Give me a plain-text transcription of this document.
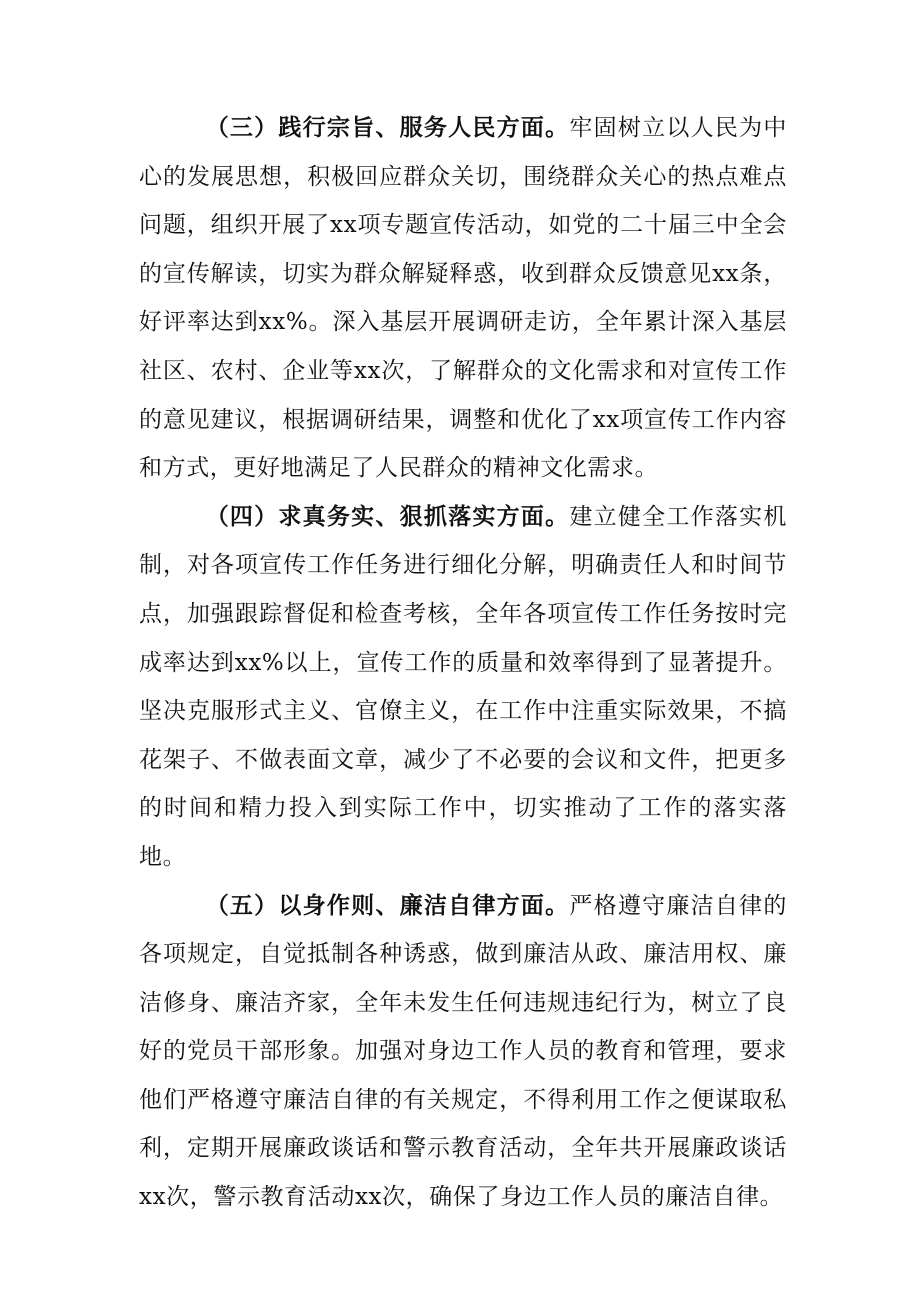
（三）践行宗旨、服务人民方面。牢固树立以人民为中心的发展思想，积极回应群众关切，围绕群众关心的热点难点问题，组织开展了xx项专题宣传活动，如党的二十届三中全会的宣传解读，切实为群众解疑释惑，收到群众反馈意见xx条，好评率达到xx%。深入基层开展调研走访，全年累计深入基层社区、农村、企业等xx次，了解群众的文化需求和对宣传工作的意见建议，根据调研结果，调整和优化了xx项宣传工作内容和方式，更好地满足了人民群众的精神文化需求。

（四）求真务实、狠抓落实方面。建立健全工作落实机制，对各项宣传工作任务进行细化分解，明确责任人和时间节点，加强跟踪督促和检查考核，全年各项宣传工作任务按时完成率达到xx%以上，宣传工作的质量和效率得到了显著提升。坚决克服形式主义、官僚主义，在工作中注重实际效果，不搞花架子、不做表面文章，减少了不必要的会议和文件，把更多的时间和精力投入到实际工作中，切实推动了工作的落实落地。

（五）以身作则、廉洁自律方面。严格遵守廉洁自律的各项规定，自觉抵制各种诱惑，做到廉洁从政、廉洁用权、廉洁修身、廉洁齐家，全年未发生任何违规违纪行为，树立了良好的党员干部形象。加强对身边工作人员的教育和管理，要求他们严格遵守廉洁自律的有关规定，不得利用工作之便谋取私利，定期开展廉政谈话和警示教育活动，全年共开展廉政谈话xx次，警示教育活动xx次，确保了身边工作人员的廉洁自律。
